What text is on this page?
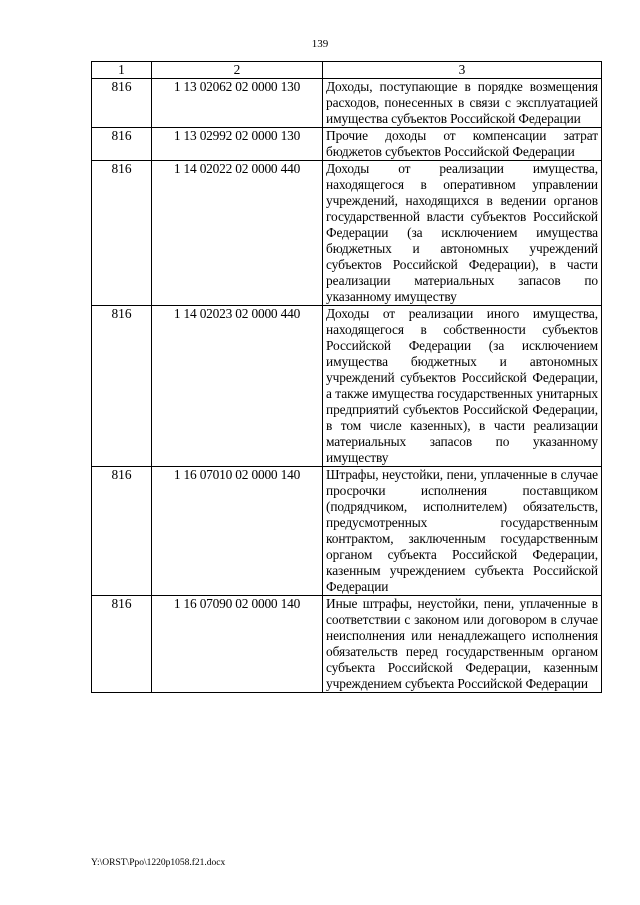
139
1	2	3
816	1 13 02062 02 0000 130	Доходы, поступающие в порядке возмещения расходов, понесенных в связи с эксплуатацией имущества субъектов Российской Федерации
816	1 13 02992 02 0000 130	Прочие доходы от компенсации затрат бюджетов субъектов Российской Федерации
816	1 14 02022 02 0000 440	Доходы от реализации имущества, находящегося в оперативном управлении учреждений, находящихся в ведении органов государственной власти субъектов Российской Федерации (за исключением имущества бюджетных и автономных учреждений субъектов Российской Федерации), в части реализации материальных запасов по указанному имуществу
816	1 14 02023 02 0000 440	Доходы от реализации иного имущества, находящегося в собственности субъектов Российской Федерации (за исключением имущества бюджетных и автономных учреждений субъектов Российской Федерации, а также имущества государственных унитарных предприятий субъектов Российской Федерации, в том числе казенных), в части реализации материальных запасов по указанному имуществу
816	1 16 07010 02 0000 140	Штрафы, неустойки, пени, уплаченные в случае просрочки исполнения поставщиком (подрядчиком, исполнителем) обязательств, предусмотренных государственным контрактом, заключенным государственным органом субъекта Российской Федерации, казенным учреждением субъекта Российской Федерации
816	1 16 07090 02 0000 140	Иные штрафы, неустойки, пени, уплаченные в соответствии с законом или договором в случае неисполнения или ненадлежащего исполнения обязательств перед государственным органом субъекта Российской Федерации, казенным учреждением субъекта Российской Федерации
Y:\ORST\Ppo\1220p1058.f21.docx
